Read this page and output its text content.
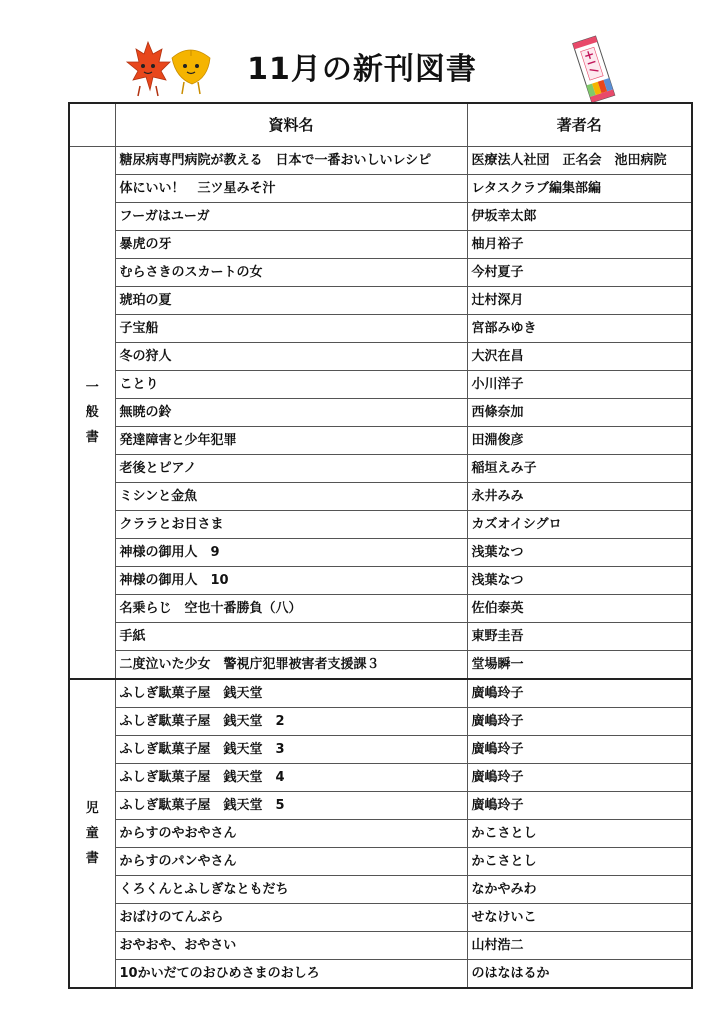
11月の新刊図書
	資料名	著者名

一
般
書	糖尿病専門病院が教える　日本で一番おいしいレシピ	医療法人社団　正名会　池田病院
	体にいい！　三ツ星みそ汁	レタスクラブ編集部編
	フーガはユーガ	伊坂幸太郎
	暴虎の牙	柚月裕子
	むらさきのスカートの女	今村夏子
	琥珀の夏	辻村深月
	子宝船	宮部みゆき
	冬の狩人	大沢在昌
	ことり	小川洋子
	無暁の鈴	西條奈加
	発達障害と少年犯罪	田淵俊彦
	老後とピアノ	稲垣えみ子
	ミシンと金魚	永井みみ
	クララとお日さま	カズオイシグロ
	神様の御用人　9	浅葉なつ
	神様の御用人　10	浅葉なつ
	名乗らじ　空也十番勝負（八）	佐伯泰英
	手紙	東野圭吾
	二度泣いた少女　警視庁犯罪被害者支援課３	堂場瞬一

児
童
書	ふしぎ駄菓子屋　銭天堂	廣嶋玲子
	ふしぎ駄菓子屋　銭天堂　2	廣嶋玲子
	ふしぎ駄菓子屋　銭天堂　3	廣嶋玲子
	ふしぎ駄菓子屋　銭天堂　4	廣嶋玲子
	ふしぎ駄菓子屋　銭天堂　5	廣嶋玲子
	からすのやおやさん	かこさとし
	からすのパンやさん	かこさとし
	くろくんとふしぎなともだち	なかやみわ
	おばけのてんぷら	せなけいこ
	おやおや、おやさい	山村浩二
	10かいだてのおひめさまのおしろ	のはなはるか
